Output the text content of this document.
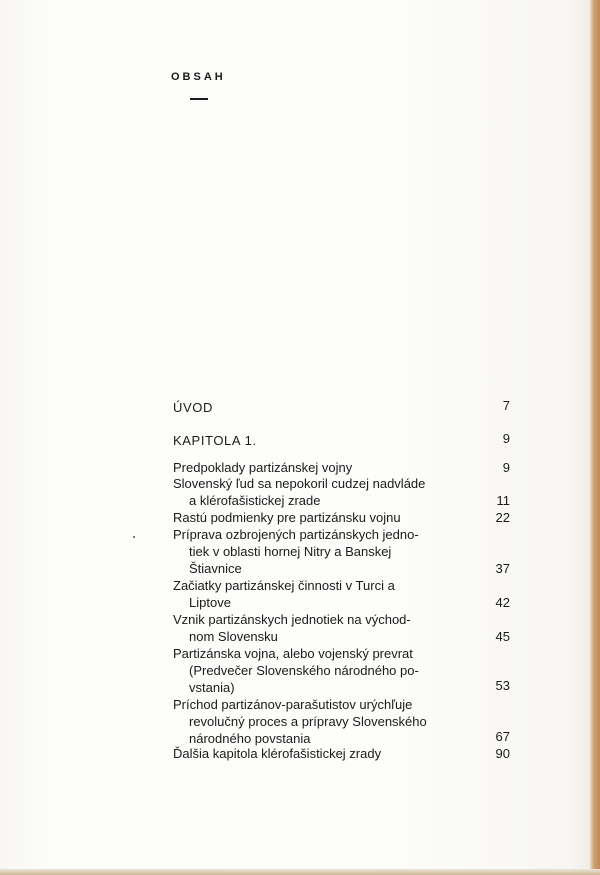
OBSAH
ÚVOD	7
KAPITOLA 1.	9
Predpoklady partizánskej vojny	9
Slovenský ľud sa nepokoril cudzej nadvláde
a klérofašistickej zrade	11
Rastú podmienky pre partizánsku vojnu	22
Príprava ozbrojených partizánskych jedno-
tiek v oblasti hornej Nitry a Banskej
Štiavnice	37
Začiatky partizánskej činnosti v Turci a
Liptove	42
Vznik partizánskych jednotiek na východ-
nom Slovensku	45
Partizánska vojna, alebo vojenský prevrat
(Predvečer Slovenského národného po-
vstania)	53
Príchod partizánov-parašutistov urýchľuje
revolučný proces a prípravy Slovenského
národného povstania	67
Ďalšia kapitola klérofašistickej zrady	90
